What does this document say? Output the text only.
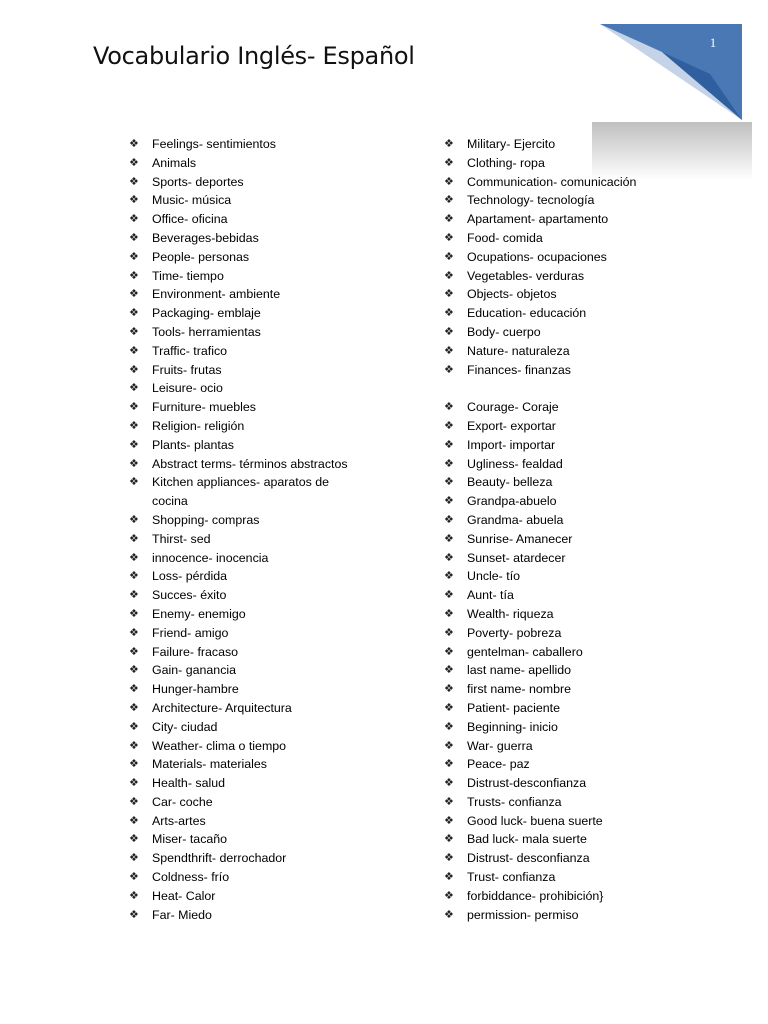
1
Vocabulario Inglés- Español
❖ Feelings- sentimientos
❖ Animals
❖ Sports- deportes
❖ Music- música
❖ Office- oficina
❖ Beverages-bebidas
❖ People- personas
❖ Time- tiempo
❖ Environment- ambiente
❖ Packaging- emblaje
❖ Tools- herramientas
❖ Traffic- trafico
❖ Fruits- frutas
❖ Leisure- ocio
❖ Furniture- muebles
❖ Religion- religión
❖ Plants- plantas
❖ Abstract terms- términos abstractos
❖ Kitchen appliances- aparatos de cocina
❖ Shopping- compras
❖ Thirst- sed
❖ innocence- inocencia
❖ Loss- pérdida
❖ Succes- éxito
❖ Enemy- enemigo
❖ Friend- amigo
❖ Failure- fracaso
❖ Gain- ganancia
❖ Hunger-hambre
❖ Architecture- Arquitectura
❖ City- ciudad
❖ Weather- clima o tiempo
❖ Materials- materiales
❖ Health- salud
❖ Car- coche
❖ Arts-artes
❖ Miser- tacaño
❖ Spendthrift- derrochador
❖ Coldness- frío
❖ Heat- Calor
❖ Far- Miedo
❖ Military- Ejercito
❖ Clothing- ropa
❖ Communication- comunicación
❖ Technology- tecnología
❖ Apartament- apartamento
❖ Food- comida
❖ Ocupations- ocupaciones
❖ Vegetables- verduras
❖ Objects- objetos
❖ Education- educación
❖ Body- cuerpo
❖ Nature- naturaleza
❖ Finances- finanzas
❖ Courage- Coraje
❖ Export- exportar
❖ Import- importar
❖ Ugliness- fealdad
❖ Beauty- belleza
❖ Grandpa-abuelo
❖ Grandma- abuela
❖ Sunrise- Amanecer
❖ Sunset- atardecer
❖ Uncle- tío
❖ Aunt- tía
❖ Wealth- riqueza
❖ Poverty- pobreza
❖ gentelman- caballero
❖ last name- apellido
❖ first name- nombre
❖ Patient- paciente
❖ Beginning- inicio
❖ War- guerra
❖ Peace- paz
❖ Distrust-desconfianza
❖ Trusts- confianza
❖ Good luck- buena suerte
❖ Bad luck- mala suerte
❖ Distrust- desconfianza
❖ Trust- confianza
❖ forbiddance- prohibición}
❖ permission- permiso
